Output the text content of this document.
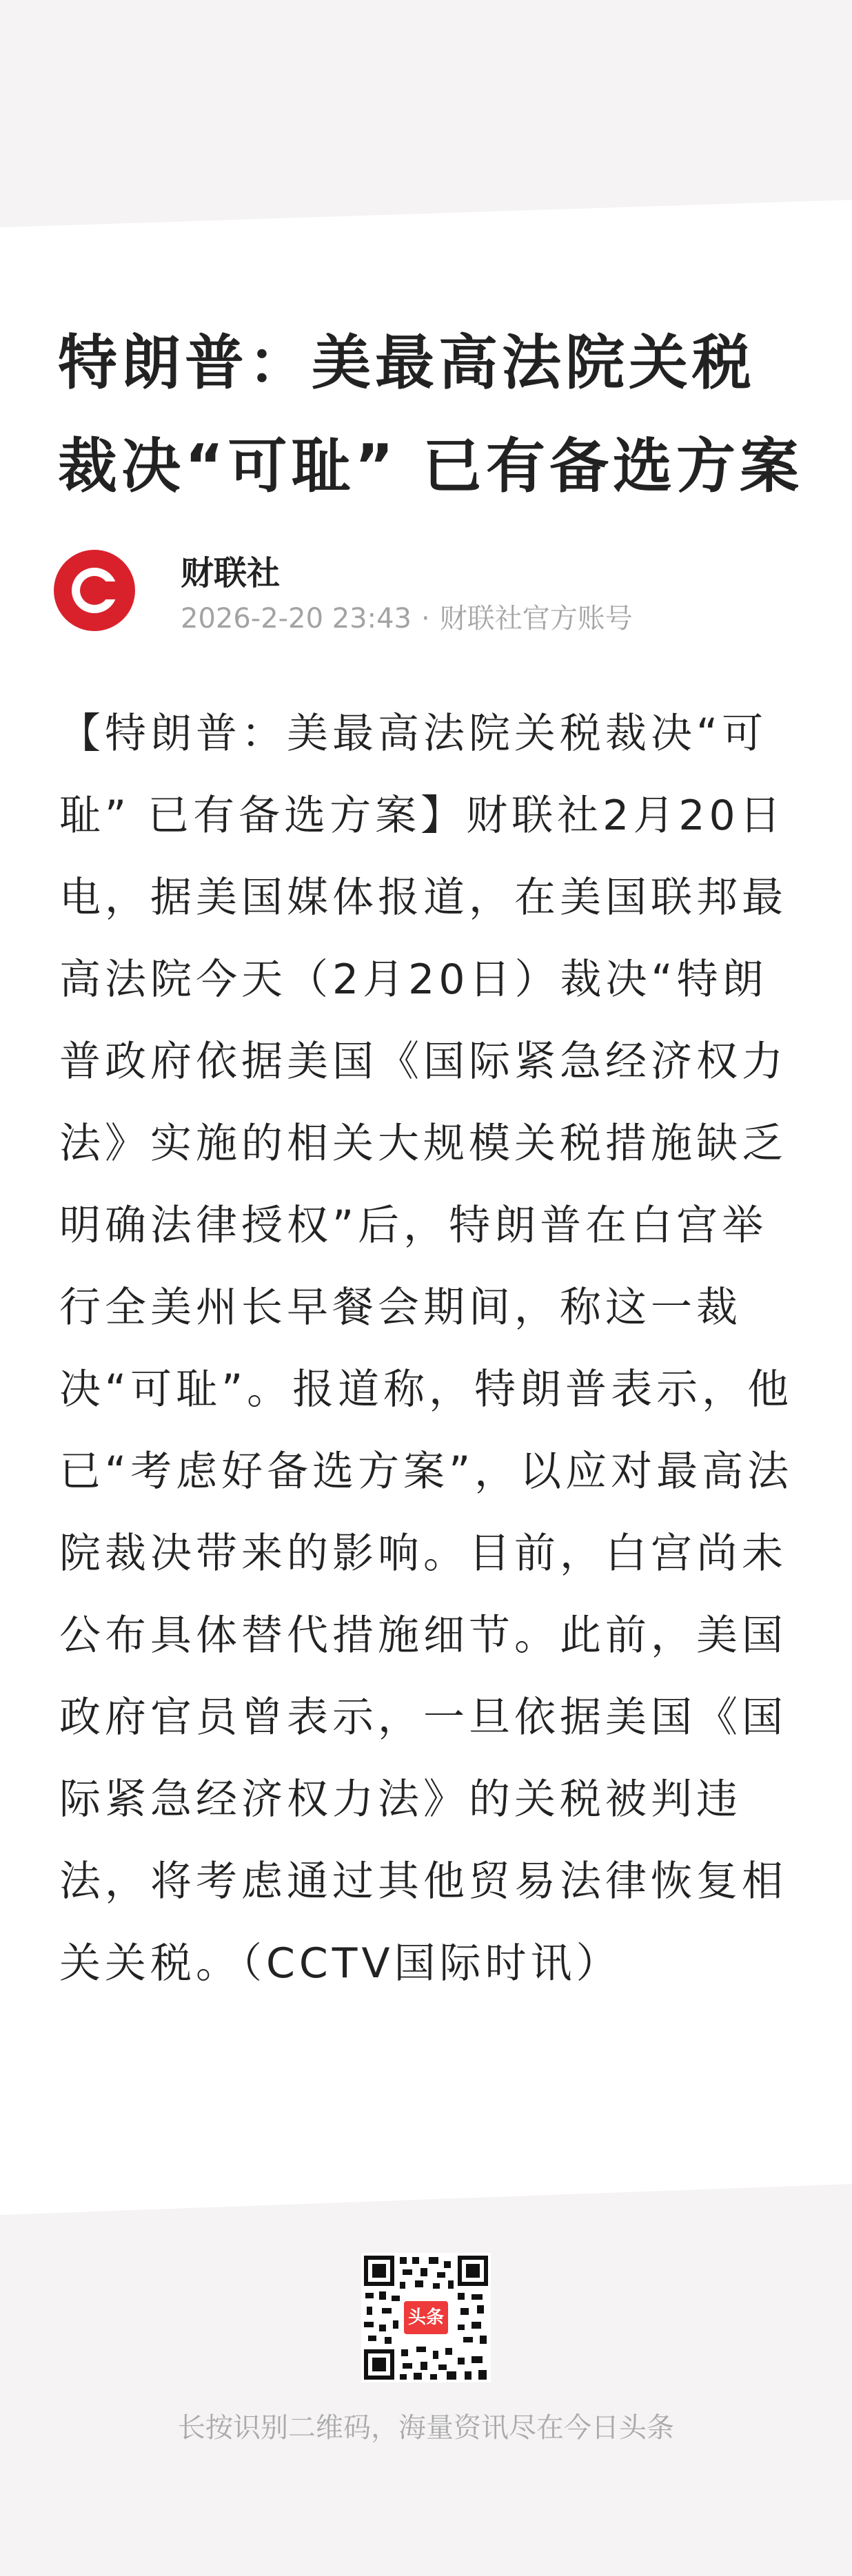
特朗普：美最高法院关税裁决“可耻” 已有备选方案
财联社
2026-2-20 23:43 · 财联社官方账号

【特朗普：美最高法院关税裁决“可耻” 已有备选方案】财联社2月20日电，据美国媒体报道，在美国联邦最高法院今天（2月20日）裁决“特朗普政府依据美国《国际紧急经济权力法》实施的相关大规模关税措施缺乏明确法律授权”后，特朗普在白宫举行全美州长早餐会期间，称这一裁决“可耻”。报道称，特朗普表示，他已“考虑好备选方案”，以应对最高法院裁决带来的影响。目前，白宫尚未公布具体替代措施细节。此前，美国政府官员曾表示，一旦依据美国《国际紧急经济权力法》的关税被判违法，将考虑通过其他贸易法律恢复相关关税。（CCTV国际时讯）

头条
长按识别二维码，海量资讯尽在今日头条
